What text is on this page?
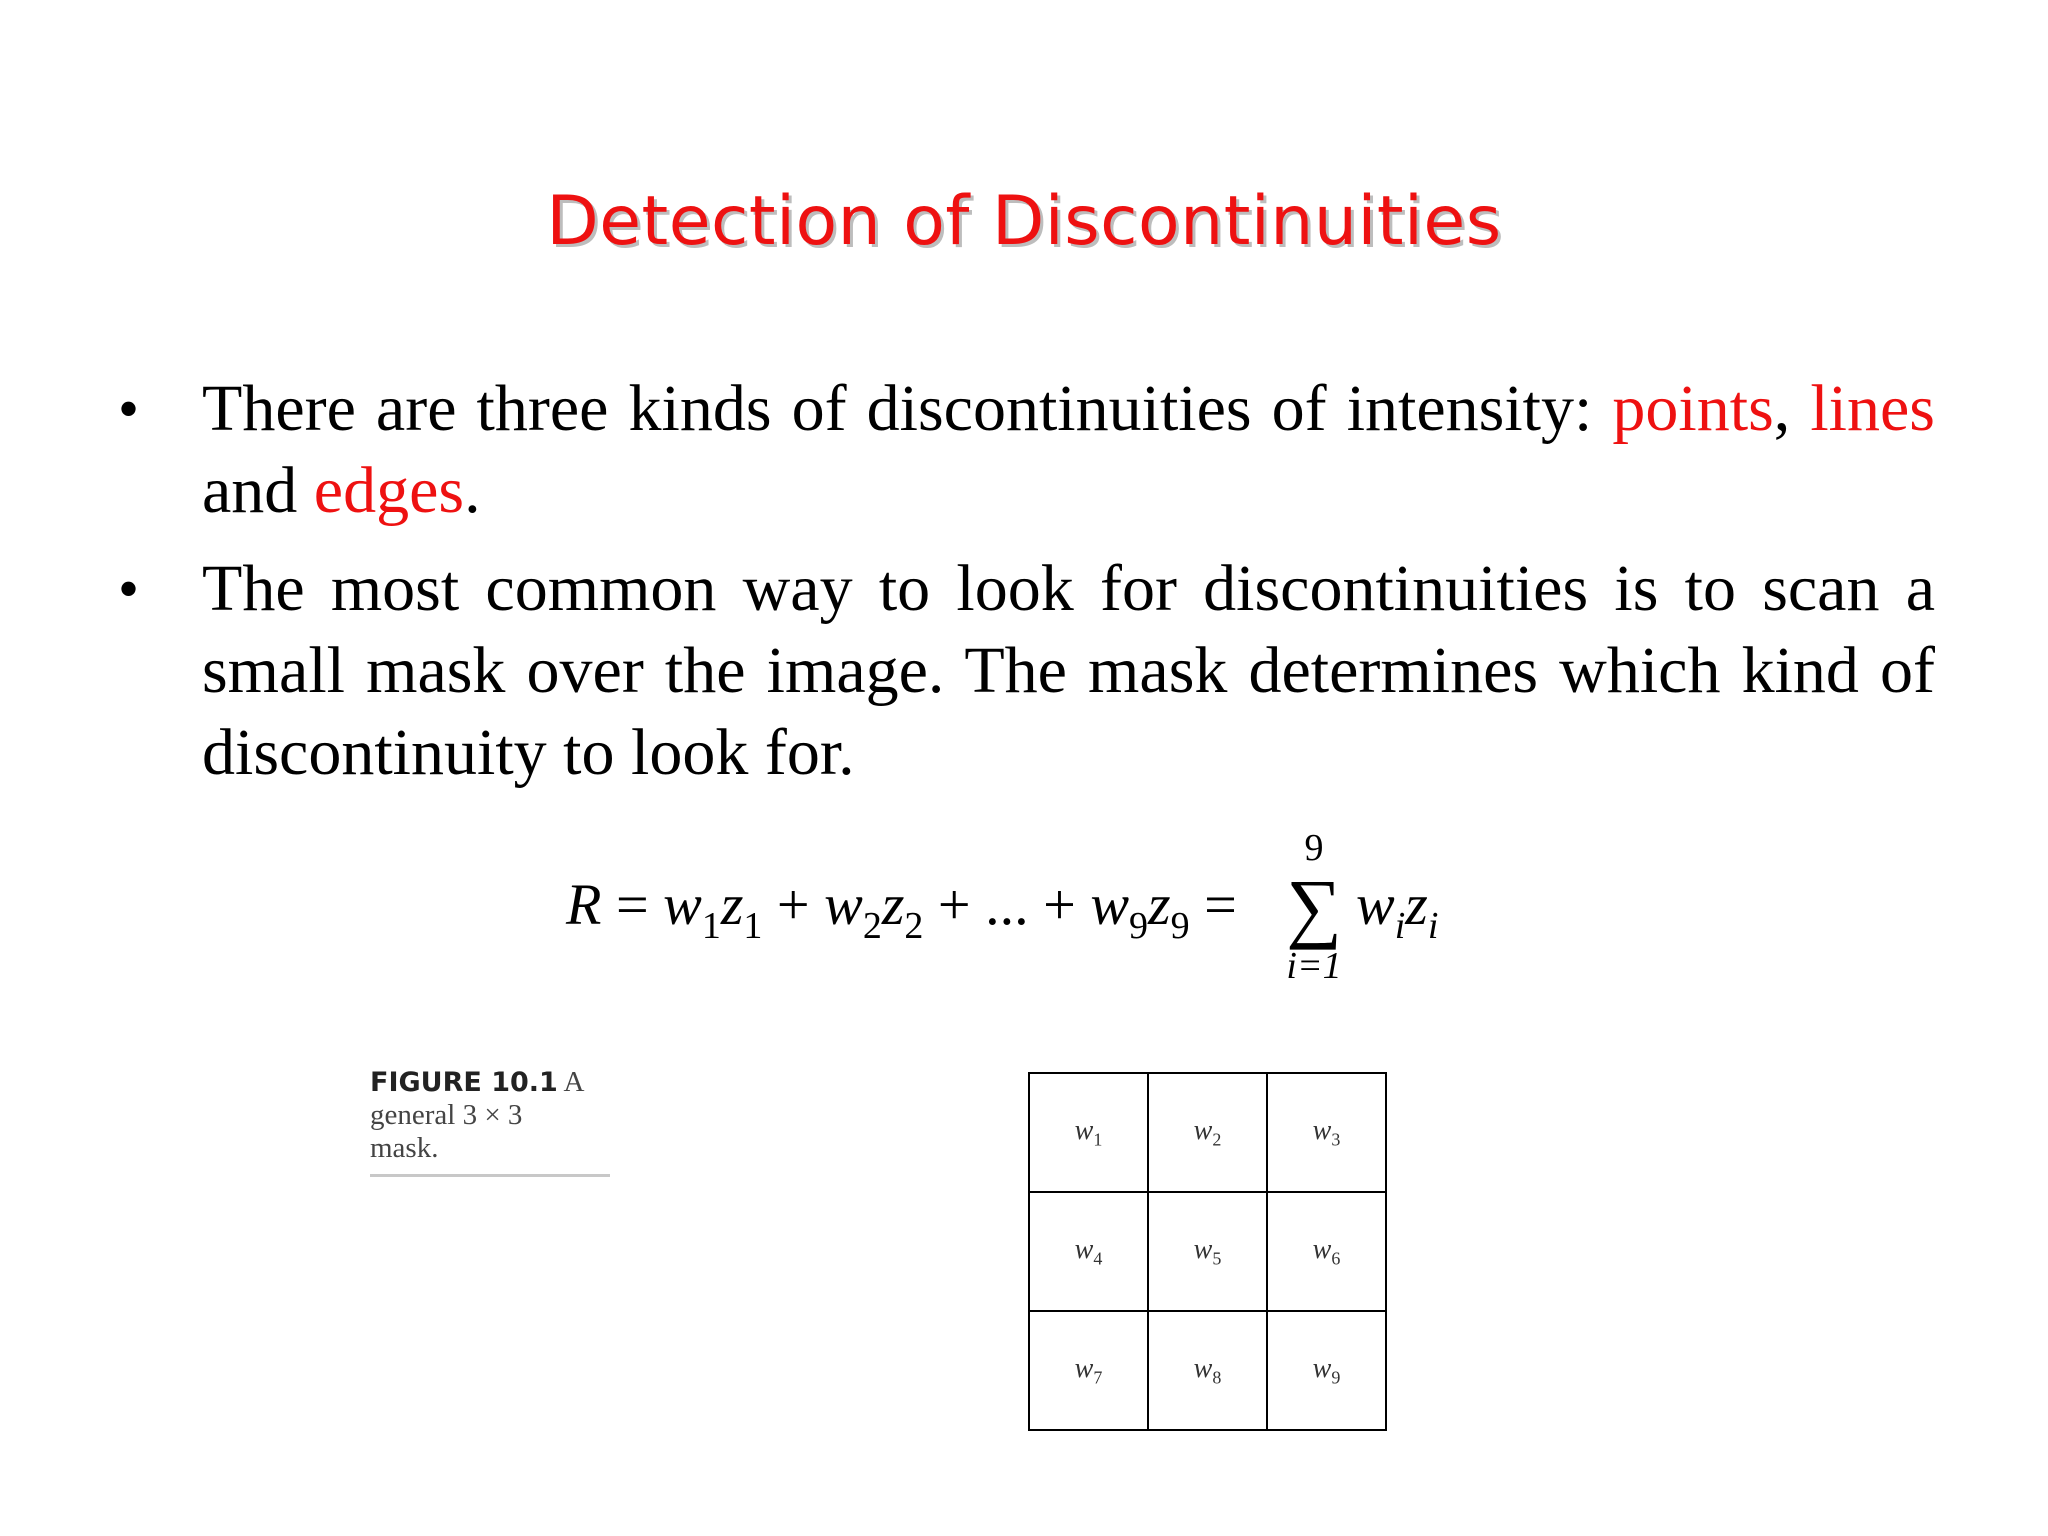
Detection of Discontinuities
• There are three kinds of discontinuities of intensity: points, lines and edges.
• The most common way to look for discontinuities is to scan a small mask over the image. The mask determines which kind of discontinuity to look for.
$R = w_1z_1 + w_2z_2$ + ... + $w_9z_9$ =
9
∑
i=1
$w_iz_i$
FIGURE 10.1 A
general 3 × 3
mask.
$w_1$	$w_2$	$w_3$
$w_4$	$w_5$	$w_6$
$w_7$	$w_8$	$w_9$
